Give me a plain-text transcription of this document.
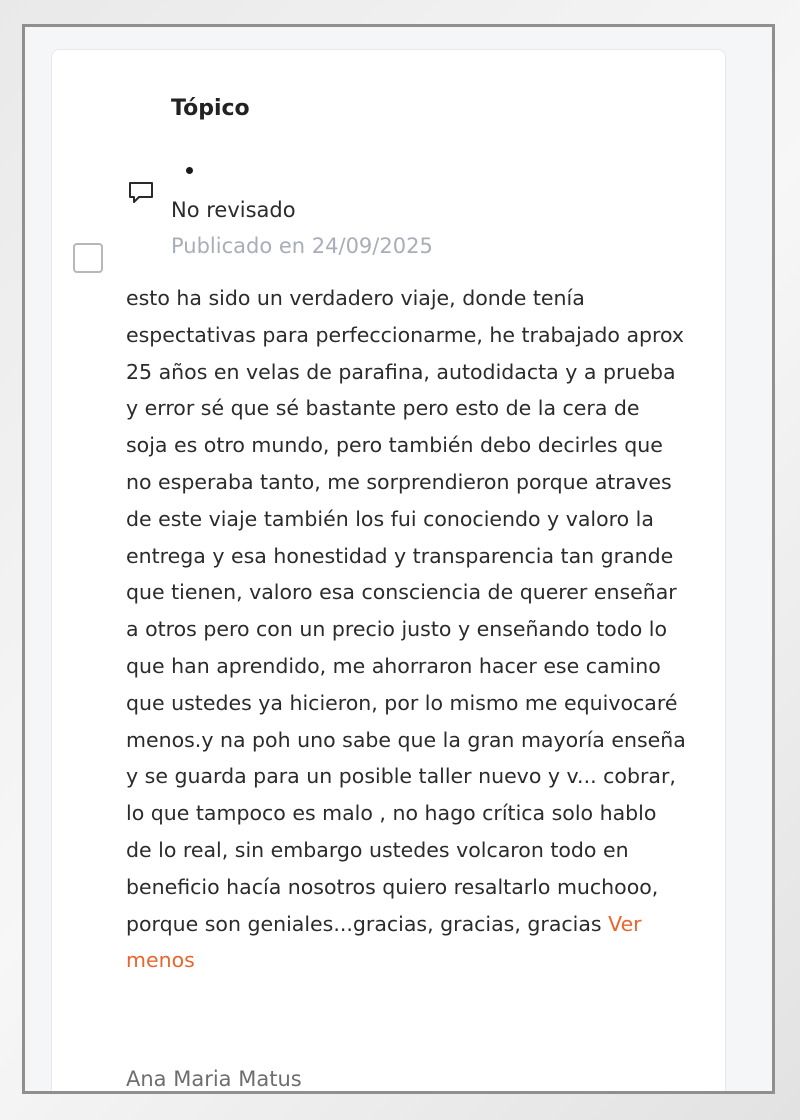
Tópico
No revisado
Publicado en 24/09/2025

esto ha sido un verdadero viaje, donde tenía espectativas para perfeccionarme, he trabajado aprox 25 años en velas de parafina, autodidacta y a prueba y error sé que sé bastante pero esto de la cera de soja es otro mundo, pero también debo decirles que no esperaba tanto, me sorprendieron porque atraves de este viaje también los fui conociendo y valoro la entrega y esa honestidad y transparencia tan grande que tienen, valoro esa consciencia de querer enseñar a otros pero con un precio justo y enseñando todo lo que han aprendido, me ahorraron hacer ese camino que ustedes ya hicieron, por lo mismo me equivocaré menos.y na poh uno sabe que la gran mayoría enseña y se guarda para un posible taller nuevo y v... cobrar, lo que tampoco es malo , no hago crítica solo hablo de lo real, sin embargo ustedes volcaron todo en beneficio hacía nosotros quiero resaltarlo muchooo, porque son geniales...gracias, gracias, gracias Ver menos

Ana Maria Matus
